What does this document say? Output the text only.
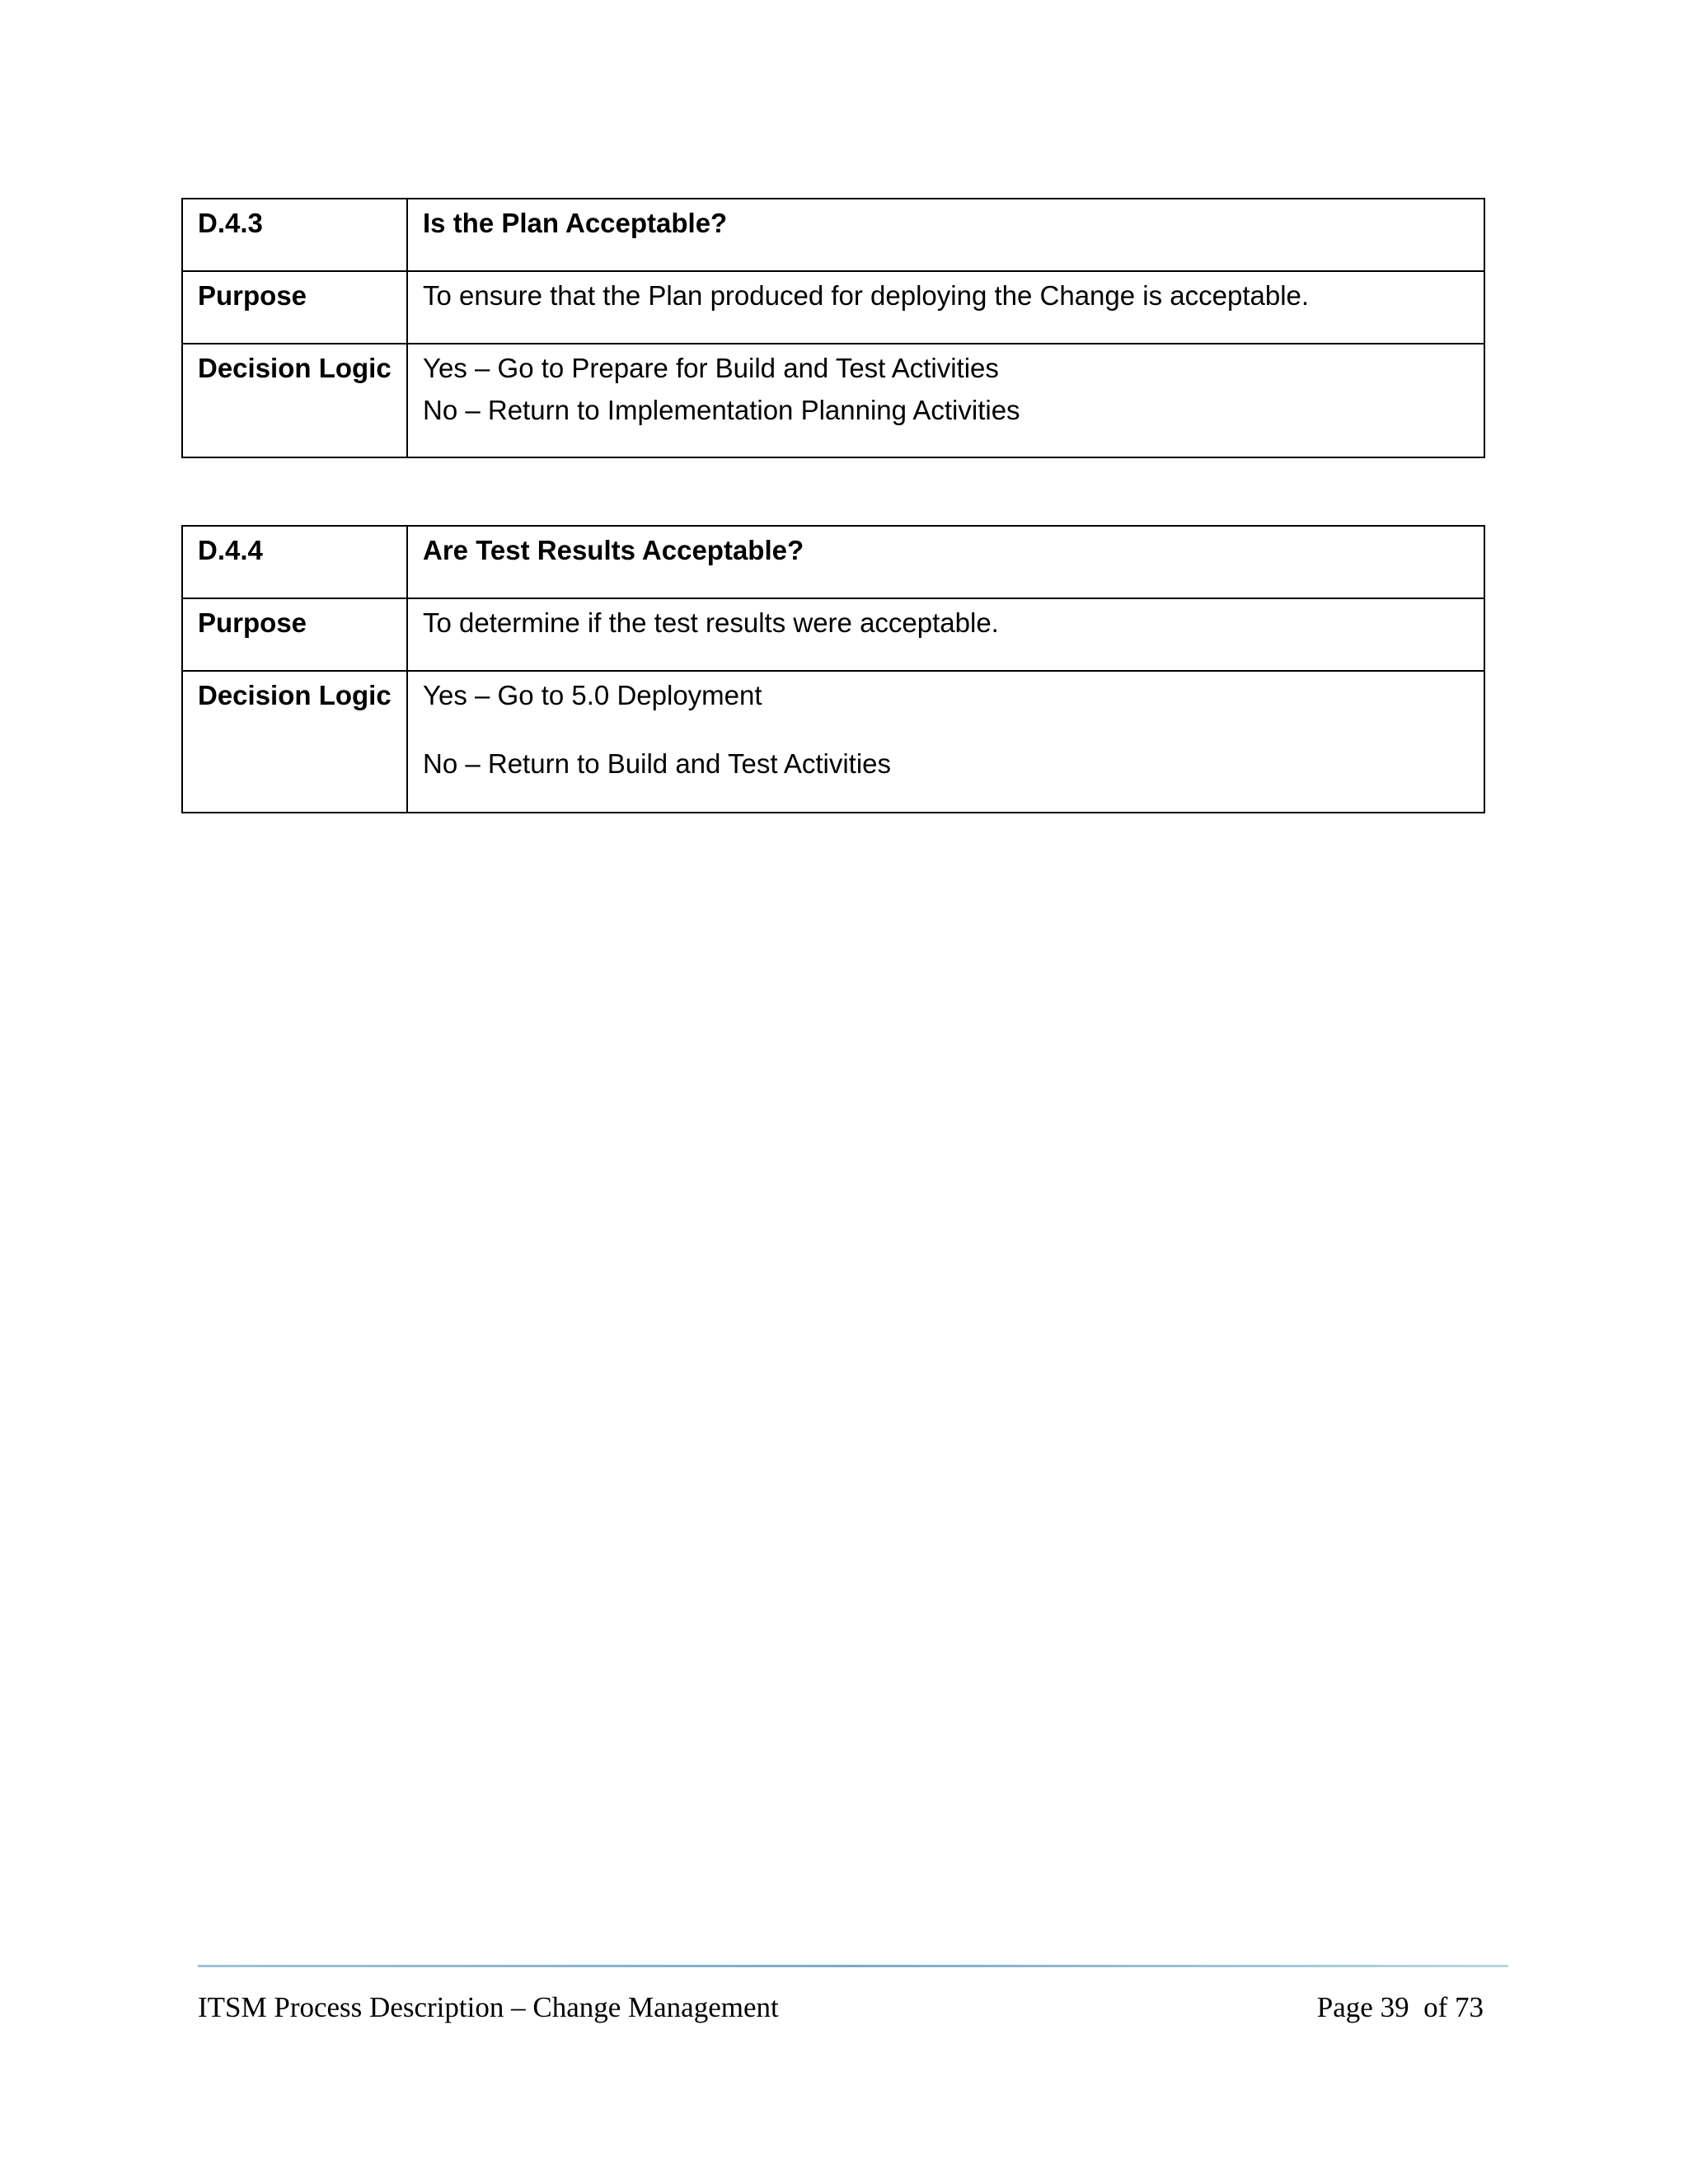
D.4.3	Is the Plan Acceptable?
Purpose	To ensure that the Plan produced for deploying the Change is acceptable.
Decision Logic	Yes – Go to Prepare for Build and Test Activities
No – Return to Implementation Planning Activities
D.4.4	Are Test Results Acceptable?
Purpose	To determine if the test results were acceptable.
Decision Logic	Yes – Go to 5.0 Deployment
No – Return to Build and Test Activities
ITSM Process Description – Change Management	Page 39  of 73
